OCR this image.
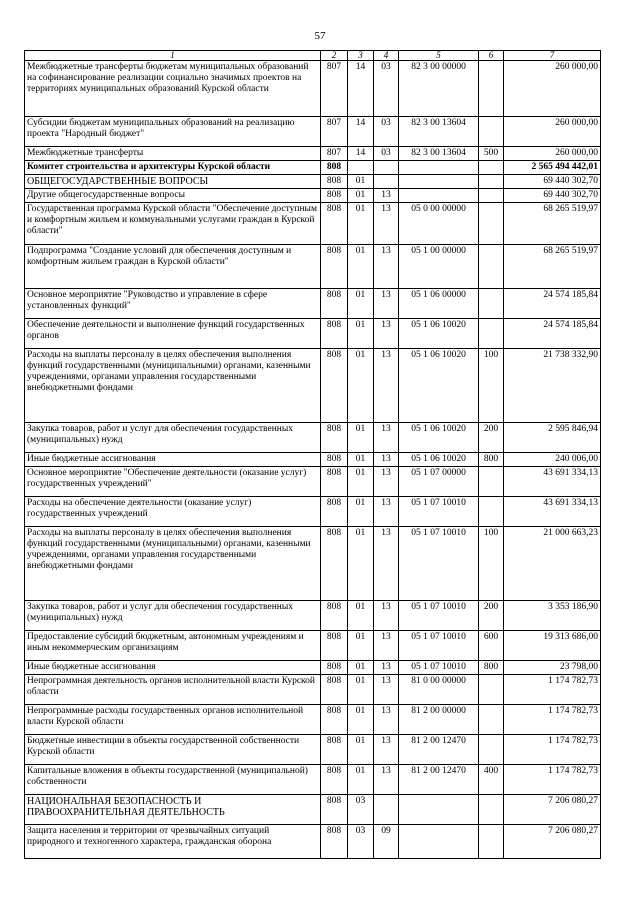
57
1	2	3	4	5	6	7
Межбюджетные трансферты бюджетам муниципальных образований на софинансирование реализации социально значимых проектов на территориях муниципальных образований Курской области	807	14	03	82 3 00 00000		260 000,00
Субсидии бюджетам муниципальных образований на реализацию проекта "Народный бюджет"	807	14	03	82 3 00 13604		260 000,00
Межбюджетные трансферты	807	14	03	82 3 00 13604	500	260 000,00
Комитет строительства и архитектуры Курской области	808					2 565 494 442,01
ОБЩЕГОСУДАРСТВЕННЫЕ ВОПРОСЫ	808	01				69 440 302,70
Другие общегосударственные вопросы	808	01	13			69 440 302,70
Государственная программа Курской области "Обеспечение доступным и комфортным жильем и коммунальными услугами граждан в Курской области"	808	01	13	05 0 00 00000		68 265 519,97
Подпрограмма "Создание условий для обеспечения доступным и комфортным жильем граждан в Курской области"	808	01	13	05 1 00 00000		68 265 519,97
Основное мероприятие "Руководство и управление в сфере установленных функций"	808	01	13	05 1 06 00000		24 574 185,84
Обеспечение деятельности и выполнение функций государственных органов	808	01	13	05 1 06 10020		24 574 185,84
Расходы на выплаты персоналу в целях обеспечения выполнения функций государственными (муниципальными) органами, казенными учреждениями, органами управления государственными внебюджетными фондами	808	01	13	05 1 06 10020	100	21 738 332,90
Закупка товаров, работ и услуг для обеспечения государственных (муниципальных) нужд	808	01	13	05 1 06 10020	200	2 595 846,94
Иные бюджетные ассигнования	808	01	13	05 1 06 10020	800	240 006,00
Основное мероприятие "Обеспечение деятельности (оказание услуг) государственных учреждений"	808	01	13	05 1 07 00000		43 691 334,13
Расходы на обеспечение деятельности (оказание услуг) государственных учреждений	808	01	13	05 1 07 10010		43 691 334,13
Расходы на выплаты персоналу в целях обеспечения выполнения функций государственными (муниципальными) органами, казенными учреждениями, органами управления государственными внебюджетными фондами	808	01	13	05 1 07 10010	100	21 000 663,23
Закупка товаров, работ и услуг для обеспечения государственных (муниципальных) нужд	808	01	13	05 1 07 10010	200	3 353 186,90
Предоставление субсидий бюджетным, автономным учреждениям и иным некоммерческим организациям	808	01	13	05 1 07 10010	600	19 313 686,00
Иные бюджетные ассигнования	808	01	13	05 1 07 10010	800	23 798,00
Непрограммная деятельность органов исполнительной власти Курской области	808	01	13	81 0 00 00000		1 174 782,73
Непрограммные расходы государственных органов исполнительной власти Курской области	808	01	13	81 2 00 00000		1 174 782,73
Бюджетные инвестиции в объекты государственной собственности Курской области	808	01	13	81 2 00 12470		1 174 782,73
Капитальные вложения в объекты государственной (муниципальной) собственности	808	01	13	81 2 00 12470	400	1 174 782,73
НАЦИОНАЛЬНАЯ БЕЗОПАСНОСТЬ И ПРАВООХРАНИТЕЛЬНАЯ ДЕЯТЕЛЬНОСТЬ	808	03				7 206 080,27
Защита населения и территории от чрезвычайных ситуаций природного и техногенного характера, гражданская оборона	808	03	09			7 206 080,27
